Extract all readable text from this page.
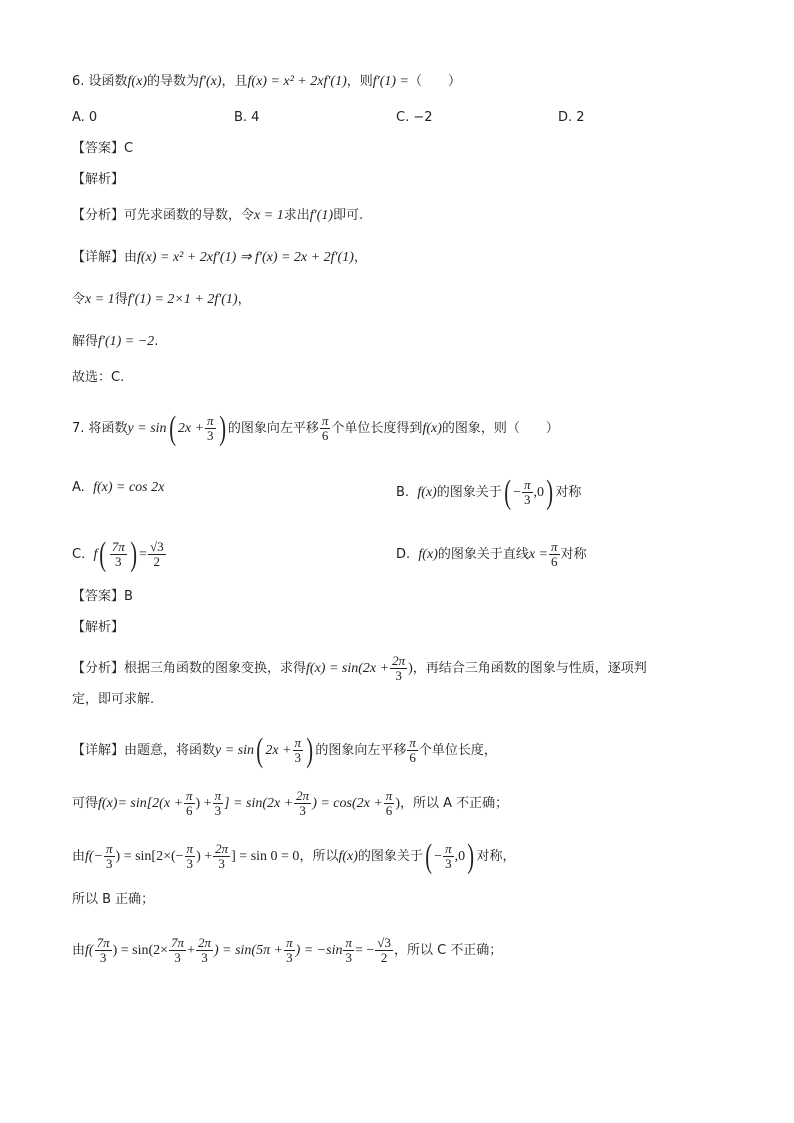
6. 设函数f(x)的导数为f′(x)，且f(x) = x² + 2xf′(1)，则f′(1) =（　　）
A. 0	B. 4	C. −2	D. 2
【答案】C
【解析】
【分析】可先求函数的导数，令x = 1求出f′(1)即可.
【详解】由f(x) = x² + 2xf′(1) ⇒ f′(x) = 2x + 2f′(1)，
令x = 1得f′(1) = 2×1 + 2f′(1)，
解得f′(1) = −2.
故选：C.
7. 将函数y = sin( $2x + \frac{\pi}{3}$ ) 的图象向左平移 $\frac{\pi}{6}$ 个单位长度得到f(x)的图象，则（　　）
A. f(x) = cos 2x	B. f(x)的图象关于( − $\frac{\pi}{3} ,0$) 对称
C. $f( \frac{7\pi}{3}$ ) = $\frac{√3}{2}$	D. f(x)的图象关于直线$x = \frac{\pi}{6}$ 对称
【答案】B
【解析】
【分析】根据三角函数的图象变换，求得$f(x) = \sin(2x + \frac{2\pi}{3}$ )，再结合三角函数的图象与性质，逐项判
定，即可求解.
【详解】由题意，将函数y = sin( $2x + \frac{\pi}{3}$ ) 的图象向左平移 $\frac{\pi}{6}$ 个单位长度，
可得$f(x)= \sin[2(x + \frac{\pi}{6}$ ) + $\frac{\pi}{3}$ ] = $\sin(2x + \frac{2\pi}{3}$ ) = $\cos(2x + \frac{\pi}{6}$ )，所以 A 不正确；
由$f(- \frac{\pi}{3}$ ) = $\sin[2\times(- \frac{\pi}{3}$ ) + $\frac{2\pi}{3}$ ] = sin 0 = 0，所以f(x)的图象关于( − $\frac{\pi}{3} ,0$) 对称，
所以 B 正确；
由$f( \frac{7\pi}{3}$ ) = $\sin(2\times \frac{7\pi}{3} + \frac{2\pi}{3}$ ) = $\sin(5\pi + \frac{\pi}{3}$ ) = $-\sin \frac{\pi}{3}$ = − $\frac{√3}{2}$ ，所以 C 不正确；
